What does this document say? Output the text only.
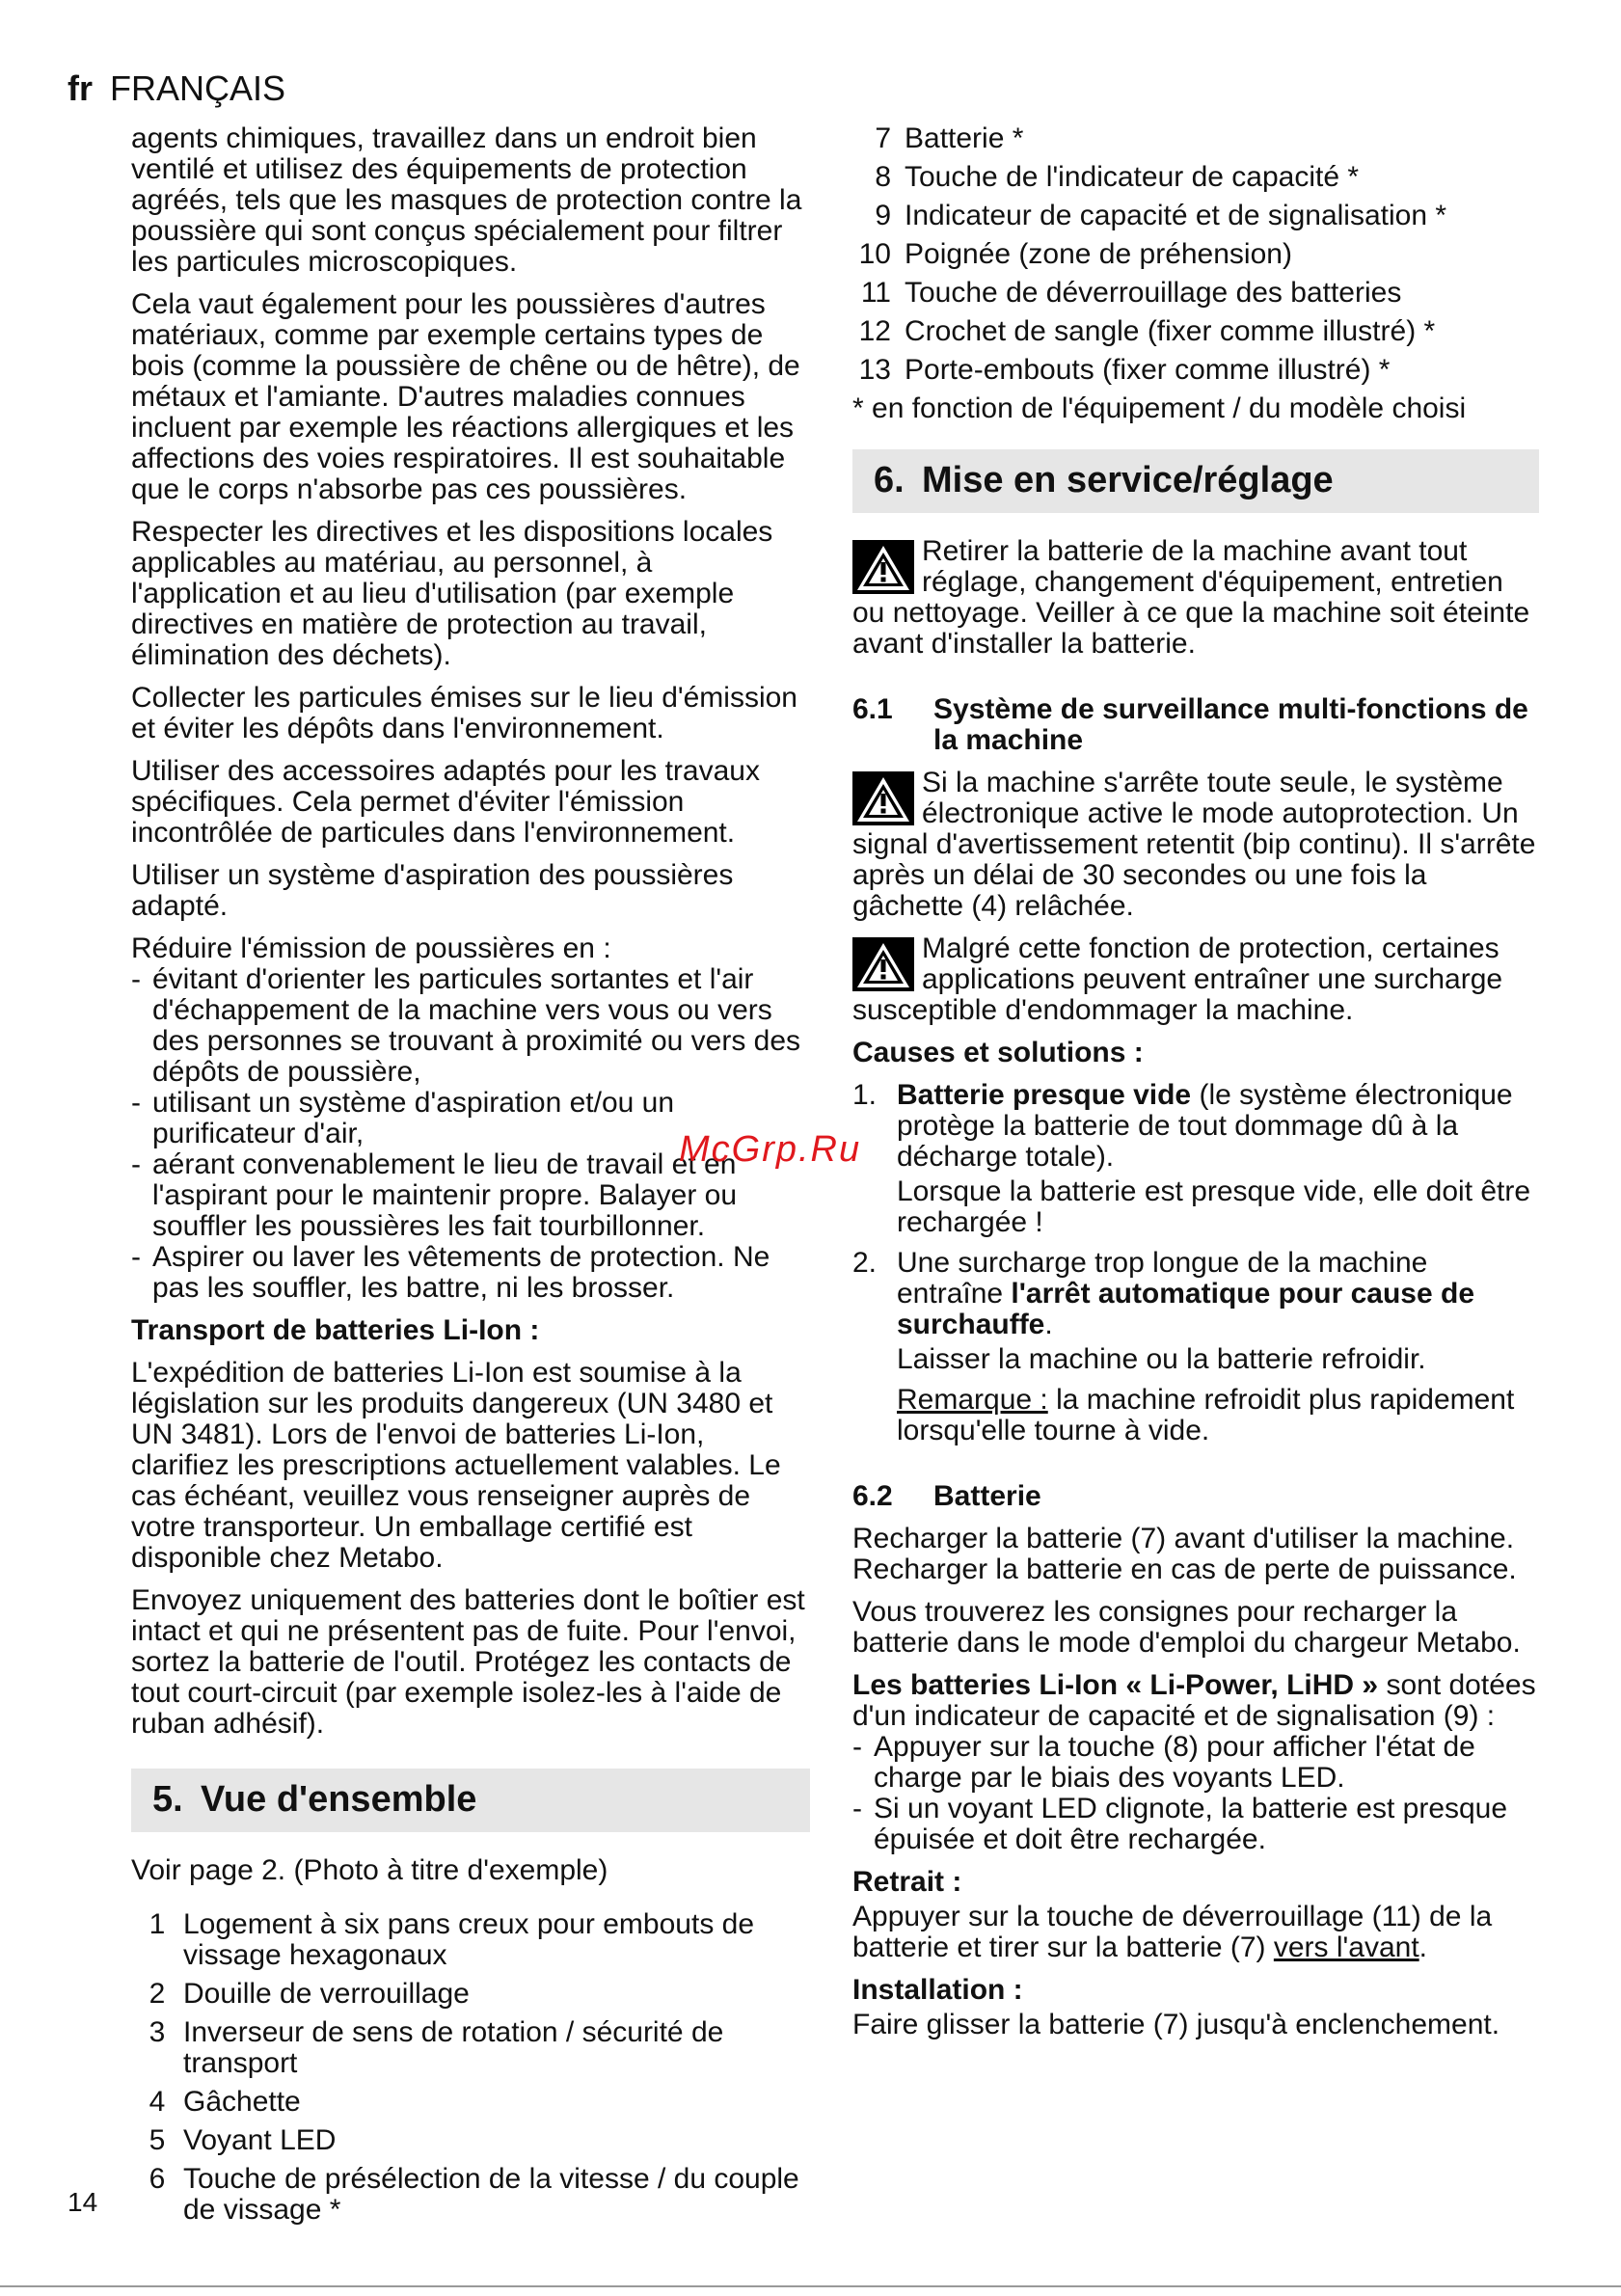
fr FRANÇAIS

agents chimiques, travaillez dans un endroit bien ventilé et utilisez des équipements de protection agréés, tels que les masques de protection contre la poussière qui sont conçus spécialement pour filtrer les particules microscopiques.

Cela vaut également pour les poussières d'autres matériaux, comme par exemple certains types de bois (comme la poussière de chêne ou de hêtre), de métaux et l'amiante. D'autres maladies connues incluent par exemple les réactions allergiques et les affections des voies respiratoires. Il est souhaitable que le corps n'absorbe pas ces poussières.

Respecter les directives et les dispositions locales applicables au matériau, au personnel, à l'application et au lieu d'utilisation (par exemple directives en matière de protection au travail, élimination des déchets).

Collecter les particules émises sur le lieu d'émission et éviter les dépôts dans l'environnement.

Utiliser des accessoires adaptés pour les travaux spécifiques. Cela permet d'éviter l'émission incontrôlée de particules dans l'environnement.

Utiliser un système d'aspiration des poussières adapté.

Réduire l'émission de poussières en :

- évitant d'orienter les particules sortantes et l'air d'échappement de la machine vers vous ou vers des personnes se trouvant à proximité ou vers des dépôts de poussière,
- utilisant un système d'aspiration et/ou un purificateur d'air,
- aérant convenablement le lieu de travail et en l'aspirant pour le maintenir propre. Balayer ou souffler les poussières les fait tourbillonner.
- Aspirer ou laver les vêtements de protection. Ne pas les souffler, les battre, ni les brosser.

Transport de batteries Li-Ion :

L'expédition de batteries Li-Ion est soumise à la législation sur les produits dangereux (UN 3480 et UN 3481). Lors de l'envoi de batteries Li-Ion, clarifiez les prescriptions actuellement valables. Le cas échéant, veuillez vous renseigner auprès de votre transporteur. Un emballage certifié est disponible chez Metabo.

Envoyez uniquement des batteries dont le boîtier est intact et qui ne présentent pas de fuite. Pour l'envoi, sortez la batterie de l'outil. Protégez les contacts de tout court-circuit (par exemple isolez-les à l'aide de ruban adhésif).

5. Vue d'ensemble

Voir page 2. (Photo à titre d'exemple)

1 Logement à six pans creux pour embouts de vissage hexagonaux
2 Douille de verrouillage
3 Inverseur de sens de rotation / sécurité de transport
4 Gâchette
5 Voyant LED
6 Touche de présélection de la vitesse / du couple de vissage *
7 Batterie *
8 Touche de l'indicateur de capacité *
9 Indicateur de capacité et de signalisation *
10 Poignée (zone de préhension)
11 Touche de déverrouillage des batteries
12 Crochet de sangle (fixer comme illustré) *
13 Porte-embouts (fixer comme illustré) *

* en fonction de l'équipement / du modèle choisi

6. Mise en service/réglage
Retirer la batterie de la machine avant tout réglage, changement d'équipement, entretien ou nettoyage. Veiller à ce que la machine soit éteinte avant d'installer la batterie.
6.1	Système de surveillance multi-fonctions de la machine
Si la machine s'arrête toute seule, le système électronique active le mode autoprotection. Un signal d'avertissement retentit (bip continu). Il s'arrête après un délai de 30 secondes ou une fois la gâchette (4) relâchée.
Malgré cette fonction de protection, certaines applications peuvent entraîner une surcharge susceptible d'endommager la machine.

Causes et solutions :

1. Batterie presque vide (le système électronique protège la batterie de tout dommage dû à la décharge totale).
Lorsque la batterie est presque vide, elle doit être rechargée !
2. Une surcharge trop longue de la machine entraîne l'arrêt automatique pour cause de surchauffe.
Laisser la machine ou la batterie refroidir.
Remarque : la machine refroidit plus rapidement lorsqu'elle tourne à vide.
6.2	Batterie

Recharger la batterie (7) avant d'utiliser la machine. Recharger la batterie en cas de perte de puissance.

Vous trouverez les consignes pour recharger la batterie dans le mode d'emploi du chargeur Metabo.

Les batteries Li-Ion « Li-Power, LiHD » sont dotées d'un indicateur de capacité et de signalisation (9) :

- Appuyer sur la touche (8) pour afficher l'état de charge par le biais des voyants LED.
- Si un voyant LED clignote, la batterie est presque épuisée et doit être rechargée.

Retrait :

Appuyer sur la touche de déverrouillage (11) de la batterie et tirer sur la batterie (7) vers l'avant.

Installation :

Faire glisser la batterie (7) jusqu'à enclenchement.

McGrp.Ru
14
